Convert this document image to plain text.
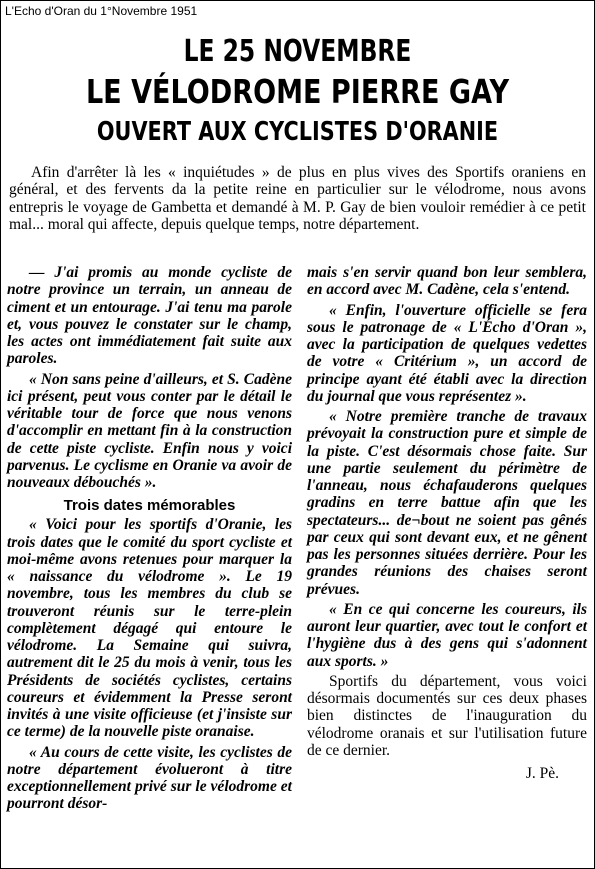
L'Echo d'Oran du 1°Novembre 1951
LE 25 NOVEMBRE
LE VÉLODROME PIERRE GAY
OUVERT AUX CYCLISTES D'ORANIE

Afin d'arrêter là les « inquiétudes » de plus en plus vives des Sportifs oraniens en général, et des fervents da la petite reine en particulier sur le vélodrome, nous avons entrepris le voyage de Gambetta et demandé à M. P. Gay de bien vouloir remédier à ce petit mal... moral qui affecte, depuis quelque temps, notre département.

— J'ai promis au monde cycliste de notre province un terrain, un anneau de ciment et un entourage. J'ai tenu ma parole et, vous pouvez le constater sur le champ, les actes ont immédiatement fait suite aux paroles.

« Non sans peine d'ailleurs, et S. Cadène ici présent, peut vous conter par le détail le véritable tour de force que nous venons d'accomplir en mettant fin à la construction de cette piste cycliste. Enfin nous y voici parvenus. Le cyclisme en Oranie va avoir de nouveaux débouchés ».

Trois dates mémorables

« Voici pour les sportifs d'Oranie, les trois dates que le comité du sport cycliste et moi-même avons retenues pour marquer la « naissance du vélodrome ». Le 19 novembre, tous les membres du club se trouveront réunis sur le terre-plein complètement dégagé qui entoure le vélodrome. La Semaine qui suivra, autrement dit le 25 du mois à venir, tous les Présidents de sociétés cyclistes, certains coureurs et évidemment la Presse seront invités à une visite officieuse (et j'insiste sur ce terme) de la nouvelle piste oranaise.

« Au cours de cette visite, les cyclistes de notre département évolueront à titre exceptionnellement privé sur le vélodrome et pourront désor-

mais s'en servir quand bon leur semblera, en accord avec M. Cadène, cela s'entend.

« Enfin, l'ouverture officielle se fera sous le patronage de « L'Écho d'Oran », avec la participation de quelques vedettes de votre « Critérium », un accord de principe ayant été établi avec la direction du journal que vous représentez ».

« Notre première tranche de travaux prévoyait la construction pure et simple de la piste. C'est désormais chose faite. Sur une partie seulement du périmètre de l'anneau, nous échafauderons quelques gradins en terre battue afin que les spectateurs... de¬bout ne soient pas gênés par ceux qui sont devant eux, et ne gênent pas les personnes situées derrière. Pour les grandes réunions des chaises seront prévues.

« En ce qui concerne les coureurs, ils auront leur quartier, avec tout le confort et l'hygiène dus à des gens qui s'adonnent aux sports. »

Sportifs du département, vous voici désormais documentés sur ces deux phases bien distinctes de l'inauguration du vélodrome oranais et sur l'utilisation future de ce dernier.

J. Pè.
